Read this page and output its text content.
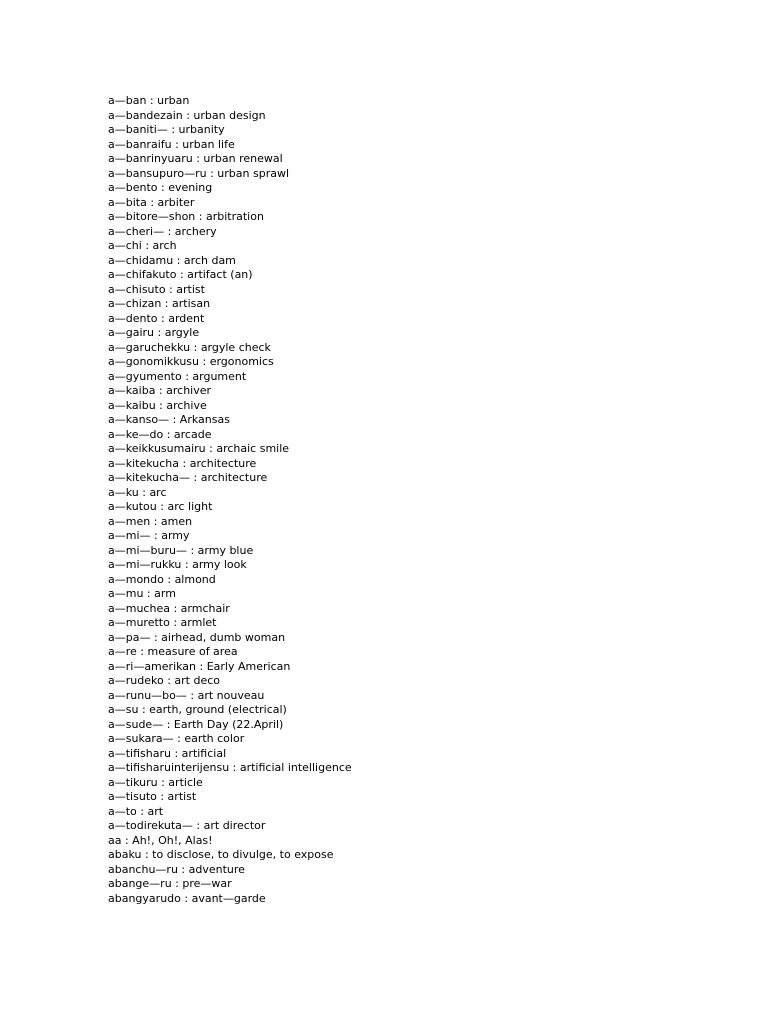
a—ban : urban
a—bandezain : urban design
a—baniti— : urbanity
a—banraifu : urban life
a—banrinyuaru : urban renewal
a—bansupuro—ru : urban sprawl
a—bento : evening
a—bita : arbiter
a—bitore—shon : arbitration
a—cheri— : archery
a—chi : arch
a—chidamu : arch dam
a—chifakuto : artifact (an)
a—chisuto : artist
a—chizan : artisan
a—dento : ardent
a—gairu : argyle
a—garuchekku : argyle check
a—gonomikkusu : ergonomics
a—gyumento : argument
a—kaiba : archiver
a—kaibu : archive
a—kanso— : Arkansas
a—ke—do : arcade
a—keikkusumairu : archaic smile
a—kitekucha : architecture
a—kitekucha— : architecture
a—ku : arc
a—kutou : arc light
a—men : amen
a—mi— : army
a—mi—buru— : army blue
a—mi—rukku : army look
a—mondo : almond
a—mu : arm
a—muchea : armchair
a—muretto : armlet
a—pa— : airhead, dumb woman
a—re : measure of area
a—ri—amerikan : Early American
a—rudeko : art deco
a—runu—bo— : art nouveau
a—su : earth, ground (electrical)
a—sude— : Earth Day (22.April)
a—sukara— : earth color
a—tifisharu : artificial
a—tifisharuinterijensu : artificial intelligence
a—tikuru : article
a—tisuto : artist
a—to : art
a—todirekuta— : art director
aa : Ah!, Oh!, Alas!
abaku : to disclose, to divulge, to expose
abanchu—ru : adventure
abange—ru : pre—war
abangyarudo : avant—garde
